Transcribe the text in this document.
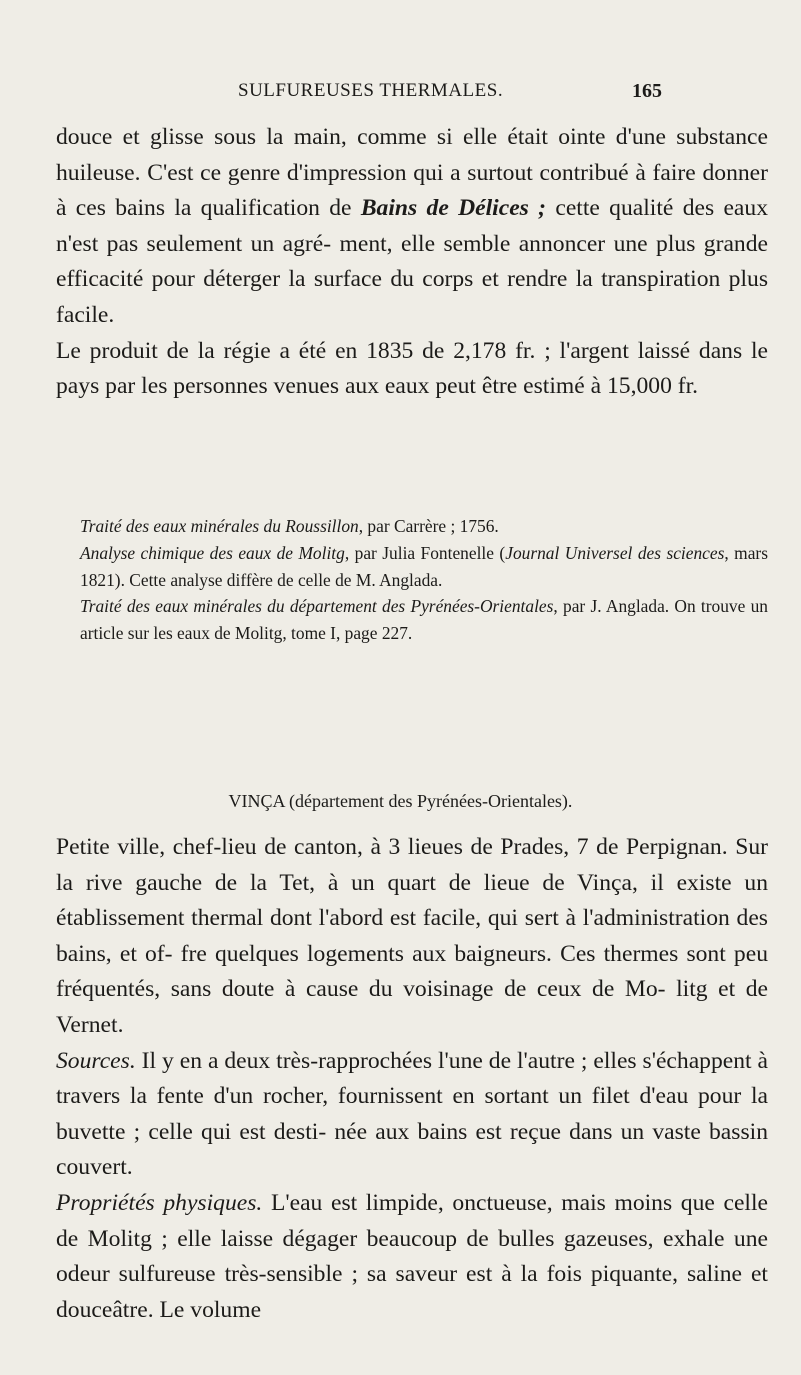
SULFUREUSES THERMALES.	165

douce et glisse sous la main, comme si elle était ointe d'une substance huileuse. C'est ce genre d'impression qui a surtout contribué à faire donner à ces bains la qualification de Bains de Délices ; cette qualité des eaux n'est pas seulement un agré- ment, elle semble annoncer une plus grande efficacité pour déterger la surface du corps et rendre la transpiration plus facile.

Le produit de la régie a été en 1835 de 2,178 fr. ; l'argent laissé dans le pays par les personnes venues aux eaux peut être estimé à 15,000 fr.

Traité des eaux minérales du Roussillon, par Carrère ; 1756.

Analyse chimique des eaux de Molitg, par Julia Fontenelle (Journal Universel des sciences, mars 1821). Cette analyse diffère de celle de M. Anglada.

Traité des eaux minérales du département des Pyrénées-Orientales, par J. Anglada. On trouve un article sur les eaux de Molitg, tome I, page 227.

VINÇA (département des Pyrénées-Orientales).

Petite ville, chef-lieu de canton, à 3 lieues de Prades, 7 de Perpignan. Sur la rive gauche de la Tet, à un quart de lieue de Vinça, il existe un établissement thermal dont l'abord est facile, qui sert à l'administration des bains, et of- fre quelques logements aux baigneurs. Ces thermes sont peu fréquentés, sans doute à cause du voisinage de ceux de Mo- litg et de Vernet.

Sources. Il y en a deux très-rapprochées l'une de l'autre ; elles s'échappent à travers la fente d'un rocher, fournissent en sortant un filet d'eau pour la buvette ; celle qui est desti- née aux bains est reçue dans un vaste bassin couvert.

Propriétés physiques. L'eau est limpide, onctueuse, mais moins que celle de Molitg ; elle laisse dégager beaucoup de bulles gazeuses, exhale une odeur sulfureuse très-sensible ; sa saveur est à la fois piquante, saline et douceâtre. Le volume
